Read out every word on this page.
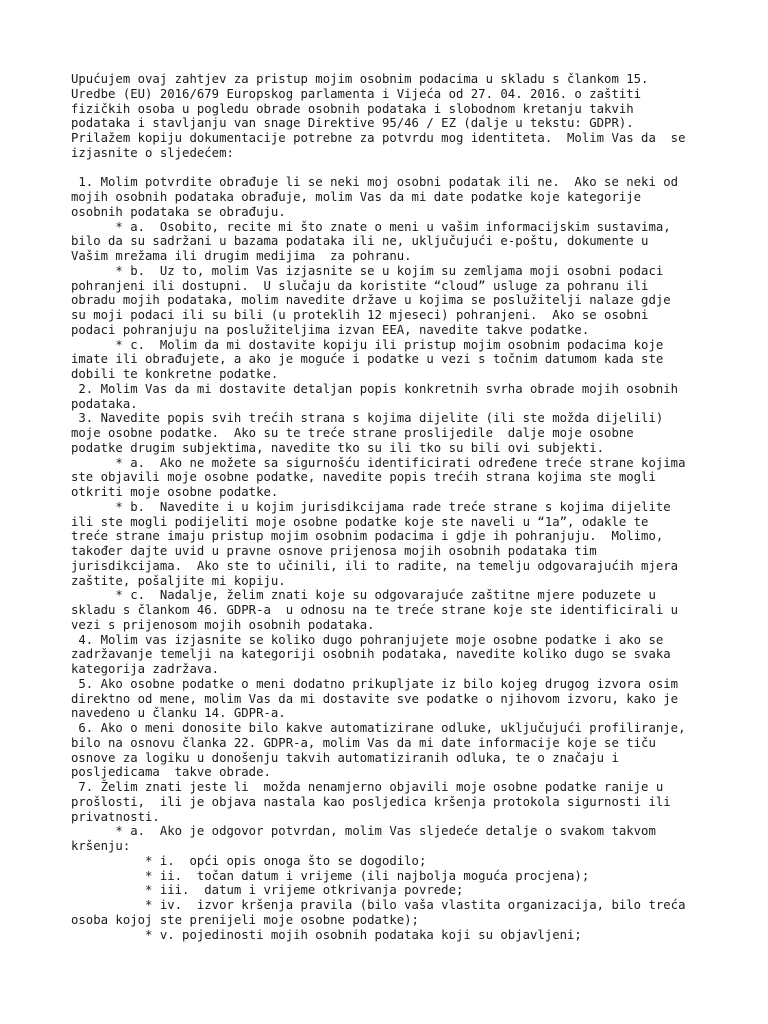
Upućujem ovaj zahtjev za pristup mojim osobnim podacima u skladu s člankom 15.
Uredbe (EU) 2016/679 Europskog parlamenta i Vijeća od 27. 04. 2016. o zaštiti
fizičkih osoba u pogledu obrade osobnih podataka i slobodnom kretanju takvih
podataka i stavljanju van snage Direktive 95/46 / EZ (dalje u tekstu: GDPR).
Prilažem kopiju dokumentacije potrebne za potvrdu mog identiteta.  Molim Vas da  se
izjasnite o sljedećem:
1. Molim potvrdite obrađuje li se neki moj osobni podatak ili ne.  Ako se neki od
mojih osobnih podataka obrađuje, molim Vas da mi date podatke koje kategorije
osobnih podataka se obrađuju.
* a.  Osobito, recite mi što znate o meni u vašim informacijskim sustavima,
bilo da su sadržani u bazama podataka ili ne, uključujući e-poštu, dokumente u
Vašim mrežama ili drugim medijima  za pohranu.
* b.  Uz to, molim Vas izjasnite se u kojim su zemljama moji osobni podaci
pohranjeni ili dostupni.  U slučaju da koristite “cloud” usluge za pohranu ili
obradu mojih podataka, molim navedite države u kojima se poslužitelji nalaze gdje
su moji podaci ili su bili (u proteklih 12 mjeseci) pohranjeni.  Ako se osobni
podaci pohranjuju na poslužiteljima izvan EEA, navedite takve podatke.
* c.  Molim da mi dostavite kopiju ili pristup mojim osobnim podacima koje
imate ili obrađujete, a ako je moguće i podatke u vezi s točnim datumom kada ste
dobili te konkretne podatke.
2. Molim Vas da mi dostavite detaljan popis konkretnih svrha obrade mojih osobnih
podataka.
3. Navedite popis svih trećih strana s kojima dijelite (ili ste možda dijelili)
moje osobne podatke.  Ako su te treće strane proslijedile  dalje moje osobne
podatke drugim subjektima, navedite tko su ili tko su bili ovi subjekti.
* a.  Ako ne možete sa sigurnošću identificirati određene treće strane kojima
ste objavili moje osobne podatke, navedite popis trećih strana kojima ste mogli
otkriti moje osobne podatke.
* b.  Navedite i u kojim jurisdikcijama rade treće strane s kojima dijelite
ili ste mogli podijeliti moje osobne podatke koje ste naveli u “1a”, odakle te
treće strane imaju pristup mojim osobnim podacima i gdje ih pohranjuju.  Molimo,
također dajte uvid u pravne osnove prijenosa mojih osobnih podataka tim
jurisdikcijama.  Ako ste to učinili, ili to radite, na temelju odgovarajućih mjera
zaštite, pošaljite mi kopiju.
* c.  Nadalje, želim znati koje su odgovarajuće zaštitne mjere poduzete u
skladu s člankom 46. GDPR-a  u odnosu na te treće strane koje ste identificirali u
vezi s prijenosom mojih osobnih podataka.
4. Molim vas izjasnite se koliko dugo pohranjujete moje osobne podatke i ako se
zadržavanje temelji na kategoriji osobnih podataka, navedite koliko dugo se svaka
kategorija zadržava.
5. Ako osobne podatke o meni dodatno prikupljate iz bilo kojeg drugog izvora osim
direktno od mene, molim Vas da mi dostavite sve podatke o njihovom izvoru, kako je
navedeno u članku 14. GDPR-a.
6. Ako o meni donosite bilo kakve automatizirane odluke, uključujući profiliranje,
bilo na osnovu članka 22. GDPR-a, molim Vas da mi date informacije koje se tiču
osnove za logiku u donošenju takvih automatiziranih odluka, te o značaju i
posljedicama  takve obrade.
7. Želim znati jeste li  možda nenamjerno objavili moje osobne podatke ranije u
prošlosti,  ili je objava nastala kao posljedica kršenja protokola sigurnosti ili
privatnosti.
* a.  Ako je odgovor potvrdan, molim Vas sljedeće detalje o svakom takvom
kršenju:
* i.  opći opis onoga što se dogodilo;
* ii.  točan datum i vrijeme (ili najbolja moguća procjena);
* iii.  datum i vrijeme otkrivanja povrede;
* iv.  izvor kršenja pravila (bilo vaša vlastita organizacija, bilo treća
osoba kojoj ste prenijeli moje osobne podatke);
* v. pojedinosti mojih osobnih podataka koji su objavljeni;
